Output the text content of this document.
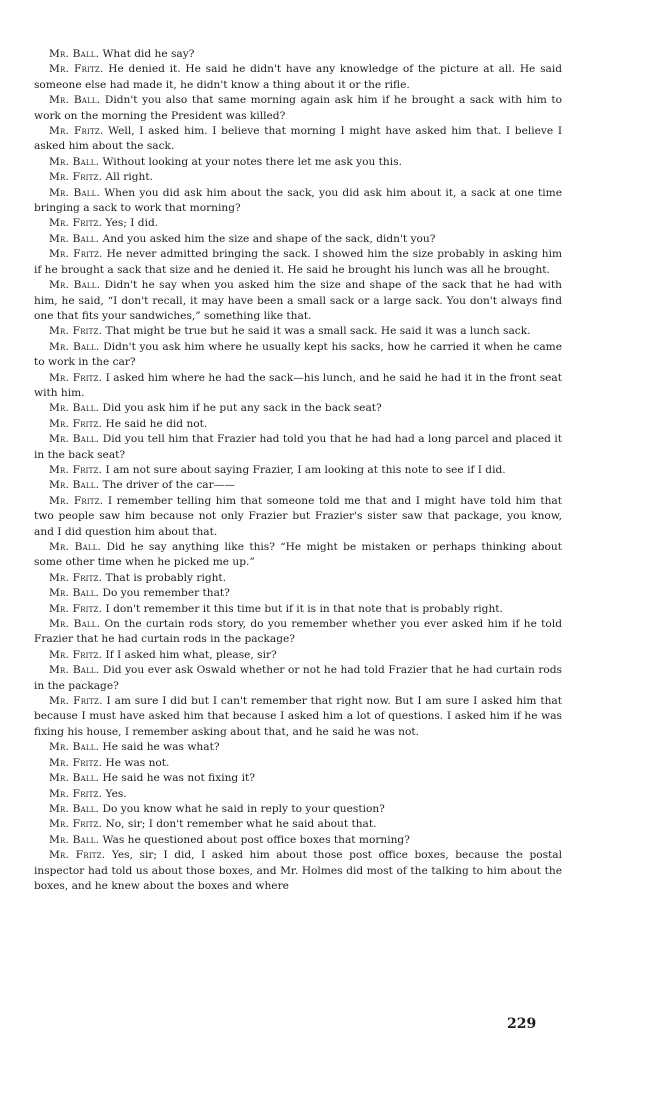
Mr. Ball. What did he say?

Mr. Fritz. He denied it. He said he didn't have any knowledge of the picture at all. He said someone else had made it, he didn't know a thing about it or the rifle.

Mr. Ball. Didn't you also that same morning again ask him if he brought a sack with him to work on the morning the President was killed?

Mr. Fritz. Well, I asked him. I believe that morning I might have asked him that. I believe I asked him about the sack.

Mr. Ball. Without looking at your notes there let me ask you this.

Mr. Fritz. All right.

Mr. Ball. When you did ask him about the sack, you did ask him about it, a sack at one time bringing a sack to work that morning?

Mr. Fritz. Yes; I did.

Mr. Ball. And you asked him the size and shape of the sack, didn't you?

Mr. Fritz. He never admitted bringing the sack. I showed him the size probably in asking him if he brought a sack that size and he denied it. He said he brought his lunch was all he brought.

Mr. Ball. Didn't he say when you asked him the size and shape of the sack that he had with him, he said, “I don't recall, it may have been a small sack or a large sack. You don't always find one that fits your sandwiches,” something like that.

Mr. Fritz. That might be true but he said it was a small sack. He said it was a lunch sack.

Mr. Ball. Didn't you ask him where he usually kept his sacks, how he carried it when he came to work in the car?

Mr. Fritz. I asked him where he had the sack—his lunch, and he said he had it in the front seat with him.

Mr. Ball. Did you ask him if he put any sack in the back seat?

Mr. Fritz. He said he did not.

Mr. Ball. Did you tell him that Frazier had told you that he had had a long parcel and placed it in the back seat?

Mr. Fritz. I am not sure about saying Frazier, I am looking at this note to see if I did.

Mr. Ball. The driver of the car——

Mr. Fritz. I remember telling him that someone told me that and I might have told him that two people saw him because not only Frazier but Frazier's sister saw that package, you know, and I did question him about that.

Mr. Ball. Did he say anything like this? “He might be mistaken or perhaps thinking about some other time when he picked me up.”

Mr. Fritz. That is probably right.

Mr. Ball. Do you remember that?

Mr. Fritz. I don't remember it this time but if it is in that note that is probably right.

Mr. Ball. On the curtain rods story, do you remember whether you ever asked him if he told Frazier that he had curtain rods in the package?

Mr. Fritz. If I asked him what, please, sir?

Mr. Ball. Did you ever ask Oswald whether or not he had told Frazier that he had curtain rods in the package?

Mr. Fritz. I am sure I did but I can't remember that right now. But I am sure I asked him that because I must have asked him that because I asked him a lot of questions. I asked him if he was fixing his house, I remember asking about that, and he said he was not.

Mr. Ball. He said he was what?

Mr. Fritz. He was not.

Mr. Ball. He said he was not fixing it?

Mr. Fritz. Yes.

Mr. Ball. Do you know what he said in reply to your question?

Mr. Fritz. No, sir; I don't remember what he said about that.

Mr. Ball. Was he questioned about post office boxes that morning?

Mr. Fritz. Yes, sir; I did, I asked him about those post office boxes, because the postal inspector had told us about those boxes, and Mr. Holmes did most of the talking to him about the boxes, and he knew about the boxes and where

229
